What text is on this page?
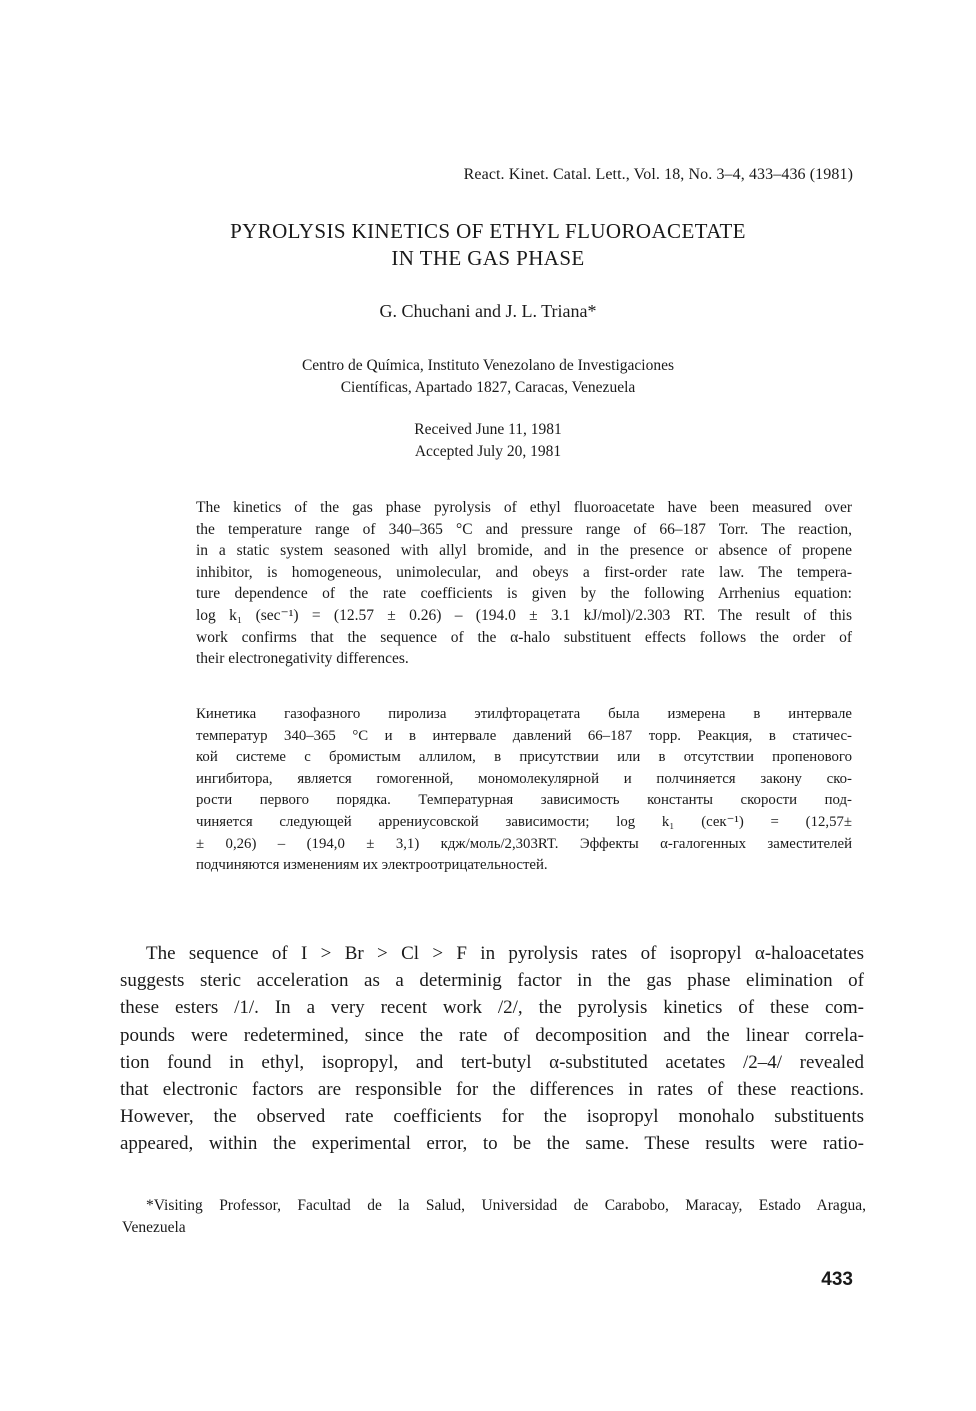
React. Kinet. Catal. Lett., Vol. 18, No. 3–4, 433–436 (1981)
PYROLYSIS KINETICS OF ETHYL FLUOROACETATE
IN THE GAS PHASE
G. Chuchani and J. L. Triana*
Centro de Química, Instituto Venezolano de Investigaciones
Científicas, Apartado 1827, Caracas, Venezuela
Received June 11, 1981
Accepted July 20, 1981
The kinetics of the gas phase pyrolysis of ethyl fluoroacetate have been measured over
the temperature range of 340–365 °C and pressure range of 66–187 Torr. The reaction,
in a static system seasoned with allyl bromide, and in the presence or absence of propene
inhibitor, is homogeneous, unimolecular, and obeys a first-order rate law. The tempera-
ture dependence of the rate coefficients is given by the following Arrhenius equation:
log k₁ (sec⁻¹) = (12.57 ± 0.26) – (194.0 ± 3.1 kJ/mol)/2.303 RT. The result of this
work confirms that the sequence of the α-halo substituent effects follows the order of
their electronegativity differences.
Кинетика газофазного пиролиза этилфторацетата была измерена в интервале
температур 340–365 °С и в интервале давлений 66–187 торр. Реакция, в статичес-
кой системе с бромистым аллилом, в присутствии или в отсутствии пропенового
ингибитора, является гомогенной, мономолекулярной и полчиняется закону ско-
рости первого порядка. Температурная зависимость константы скорости под-
чиняется следующей аррениусовской зависимости; log k₁ (сек⁻¹) = (12,57±
± 0,26) – (194,0 ± 3,1) кдж/моль/2,303RT. Эффекты α-галогенных заместителей
подчиняются изменениям их электроотрицательностей.
The sequence of I > Br > Cl > F in pyrolysis rates of isopropyl α-haloacetates
suggests steric acceleration as a determinig factor in the gas phase elimination of
these esters /1/. In a very recent work /2/, the pyrolysis kinetics of these com-
pounds were redetermined, since the rate of decomposition and the linear correla-
tion found in ethyl, isopropyl, and tert-butyl α-substituted acetates /2–4/ revealed
that electronic factors are responsible for the differences in rates of these reactions.
However, the observed rate coefficients for the isopropyl monohalo substituents
appeared, within the experimental error, to be the same. These results were ratio-
*Visiting Professor, Facultad de la Salud, Universidad de Carabobo, Maracay, Estado Aragua,
Venezuela
433
